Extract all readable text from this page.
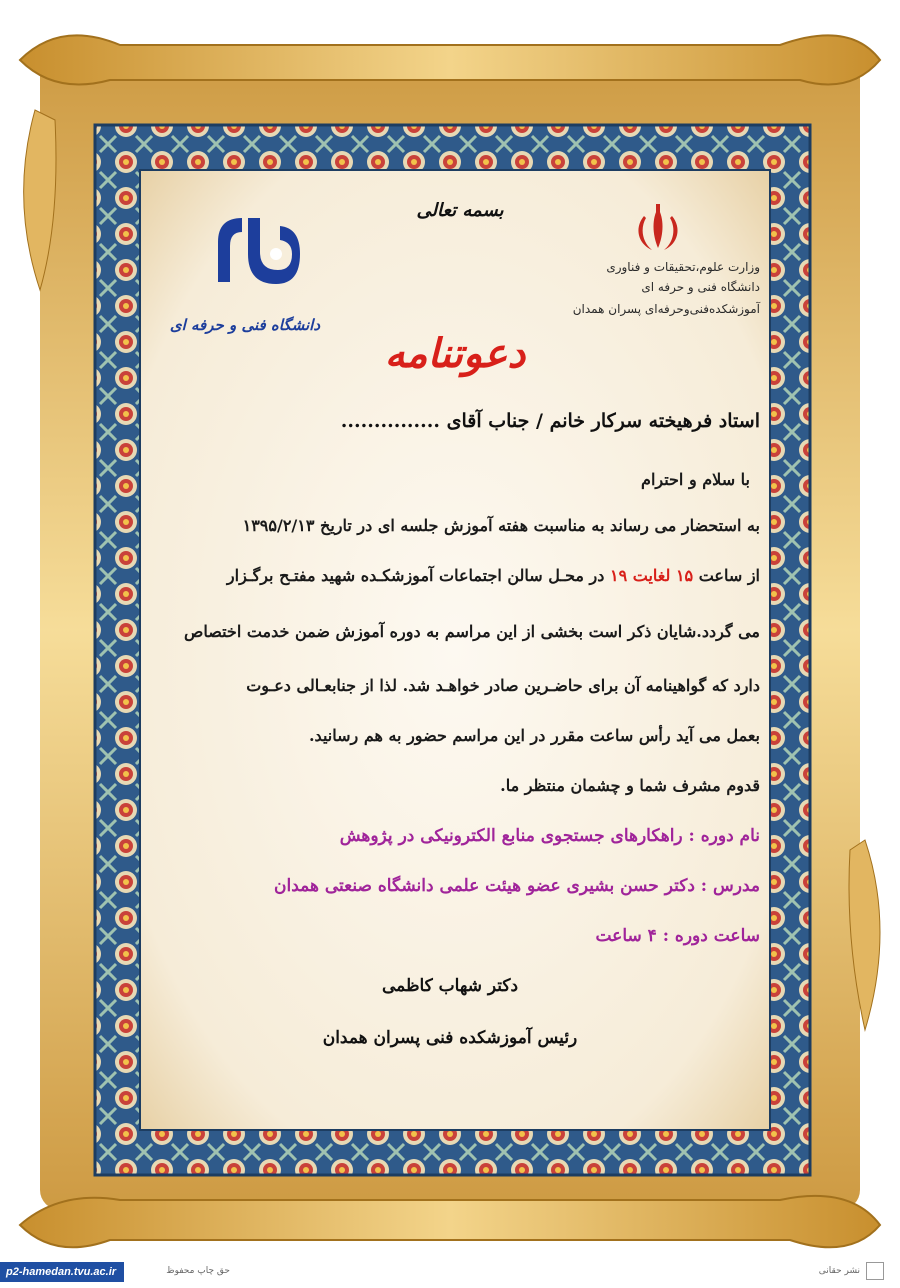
بسمه تعالی
وزارت علوم،تحقیقات و فناوری
دانشگاه فنی و حرفه ای
آموزشکده‌فنی‌وحرفه‌ای پسران همدان
دانشگاه فنی و حرفه ای
دعوتنامه
استاد فرهیخته سرکار خانم / جناب آقای ...............
با سلام و احترام
به استحضار می رساند به مناسبت هفته آموزش جلسه ای در تاریخ ۱۳۹۵/۲/۱۳
از ساعت ۱۵ لغایت ۱۹ در محـل سالن اجتماعات آموزشکـده شهید مفتـح برگـزار
می گردد.شایان ذکر است بخشی از این مراسم به دوره آموزش ضمن خدمت اختصاص
دارد که گواهینامه آن برای حاضـرین صادر خواهـد شد. لذا از جنابعـالی دعـوت
بعمل می آید رأس ساعت مقرر در این مراسم حضور به هم رسانید.
قدوم مشرف شما و چشمان منتظر ما.
نام دوره : راهکارهای جستجوی منابع الکترونیکی در پژوهش
مدرس : دکتر حسن بشیری عضو هیئت علمی دانشگاه صنعتی همدان
ساعت دوره : ۴ ساعت
دکتر شهاب کاظمی
رئیس آموزشکده فنی پسران همدان
p2-hamedan.tvu.ac.ir	حق چاپ محفوظ	نشر حقانی
